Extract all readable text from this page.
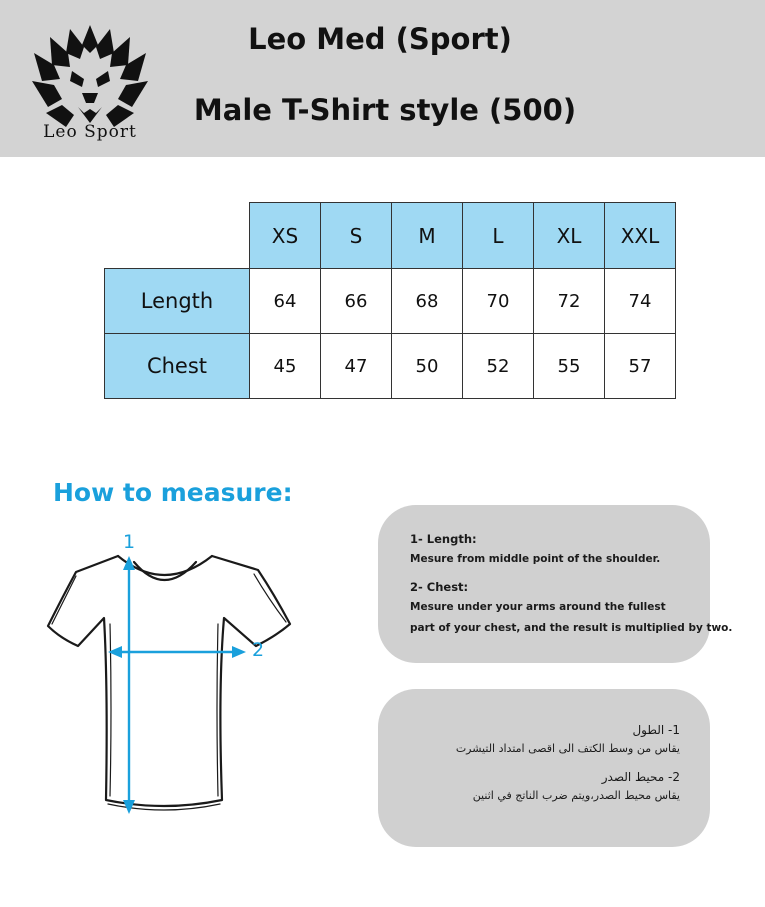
Leo Sport
Leo Med (Sport)
Male T-Shirt style (500)
XS	S	M	L	XL	XXL
Length	64	66	68	70	72	74
Chest	45	47	50	52	55	57
How to measure:
1
2
1- Length:
Mesure from middle point of the shoulder.
2- Chest:
Mesure under your arms around the fullest
part of your chest, and the result is multiplied by two.
1- الطول
يقاس من وسط الكتف الى اقصى امتداد التيشرت
2- محيط الصدر
يقاس محيط الصدر،ويتم ضرب الناتج في اثنين
